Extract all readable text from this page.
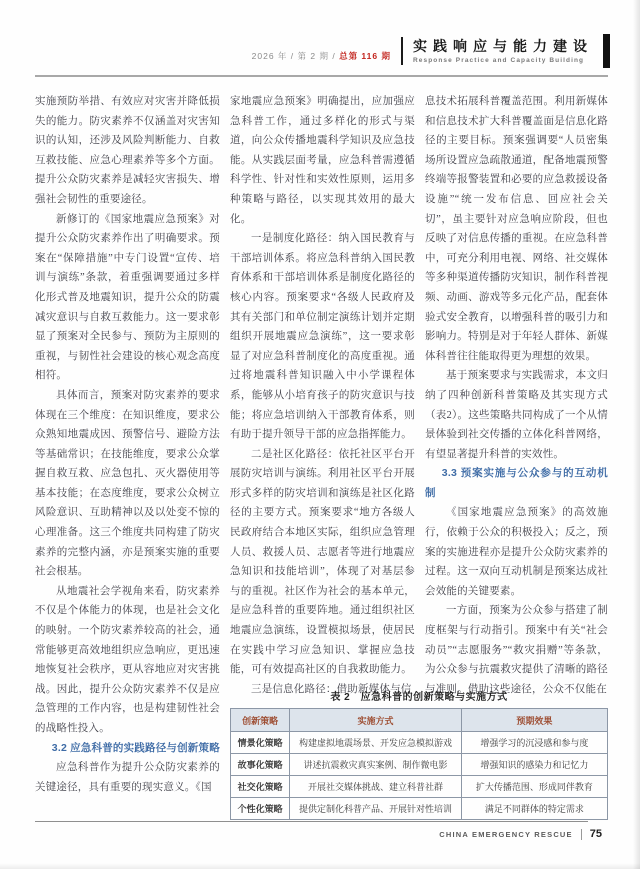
2026 年 / 第 2 期 / 总第 116 期
实践响应与能力建设
Response Practice and Capacity Building

实施预防举措、有效应对灾害并降低损失的能力。防灾素养不仅涵盖对灾害知识的认知，还涉及风险判断能力、自救互救技能、应急心理素养等多个方面。提升公众防灾素养是减轻灾害损失、增强社会韧性的重要途径。

新修订的《国家地震应急预案》对提升公众防灾素养作出了明确要求。预案在“保障措施”中专门设置“宣传、培训与演练”条款，着重强调要通过多样化形式普及地震知识，提升公众的防震减灾意识与自救互救能力。这一要求彰显了预案对全民参与、预防为主原则的重视，与韧性社会建设的核心观念高度相符。

具体而言，预案对防灾素养的要求体现在三个维度：在知识维度，要求公众熟知地震成因、预警信号、避险方法等基础常识；在技能维度，要求公众掌握自救互救、应急包扎、灭火器使用等基本技能；在态度维度，要求公众树立风险意识、互助精神以及以处变不惊的心理准备。这三个维度共同构建了防灾素养的完整内涵，亦是预案实施的重要社会根基。

从地震社会学视角来看，防灾素养不仅是个体能力的体现，也是社会文化的映射。一个防灾素养较高的社会，通常能够更高效地组织应急响应，更迅速地恢复社会秩序，更从容地应对灾害挑战。因此，提升公众防灾素养不仅是应急管理的工作内容，也是构建韧性社会的战略性投入。

3.2 应急科普的实践路径与创新策略

应急科普作为提升公众防灾素养的关键途径，具有重要的现实意义。《国

家地震应急预案》明确提出，应加强应急科普工作，通过多样化的形式与渠道，向公众传播地震科学知识及应急技能。从实践层面考量，应急科普需遵循科学性、针对性和实效性原则，运用多种策略与路径，以实现其效用的最大化。

一是制度化路径：纳入国民教育与干部培训体系。将应急科普纳入国民教育体系和干部培训体系是制度化路径的核心内容。预案要求“各级人民政府及其有关部门和单位制定演练计划并定期组织开展地震应急演练”，这一要求彰显了对应急科普制度化的高度重视。通过将地震科普知识融入中小学课程体系，能够从小培育孩子的防灾意识与技能；将应急培训纳入干部教育体系，则有助于提升领导干部的应急指挥能力。

二是社区化路径：依托社区平台开展防灾培训与演练。利用社区平台开展形式多样的防灾培训和演练是社区化路径的主要方式。预案要求“地方各级人民政府结合本地区实际，组织应急管理人员、救援人员、志愿者等进行地震应急知识和技能培训”，体现了对基层参与的重视。社区作为社会的基本单元，是应急科普的重要阵地。通过组织社区地震应急演练，设置模拟场景，使居民在实践中学习应急知识、掌握应急技能，可有效提高社区的自我救助能力。

三是信息化路径：借助新媒体与信

息技术拓展科普覆盖范围。利用新媒体和信息技术扩大科普覆盖面是信息化路径的主要目标。预案强调要“人员密集场所设置应急疏散通道，配备地震预警终端等报警装置和必要的应急救援设备设施”“统一发布信息、回应社会关切”，虽主要针对应急响应阶段，但也反映了对信息传播的重视。在应急科普中，可充分利用电视、网络、社交媒体等多种渠道传播防灾知识，制作科普视频、动画、游戏等多元化产品，配套体验式安全教育，以增强科普的吸引力和影响力。特别是对于年轻人群体、新媒体科普往往能取得更为理想的效果。

基于预案要求与实践需求，本文归纳了四种创新科普策略及其实现方式（表2）。这些策略共同构成了一个从情景体验到社交传播的立体化科普网络，有望显著提升科普的实效性。

3.3 预案实施与公众参与的互动机制

《国家地震应急预案》的高效施行，依赖于公众的积极投入；反之，预案的实施进程亦是提升公众防灾素养的过程。这一双向互动机制是预案达成社会效能的关键要素。

一方面，预案为公众参与搭建了制度框架与行动指引。预案中有关“社会动员”“志愿服务”“救灾捐赠”等条款，为公众参与抗震救灾提供了清晰的路径与准则。借助这些途径，公众不仅能在

表 2　应急科普的创新策略与实施方式
创新策略	实施方式	预期效果
情景化策略	构建虚拟地震场景、开发应急模拟游戏	增强学习的沉浸感和参与度
故事化策略	讲述抗震救灾真实案例、制作微电影	增强知识的感染力和记忆力
社交化策略	开展社交媒体挑战、建立科普社群	扩大传播范围、形成同伴教育
个性化策略	提供定制化科普产品、开展针对性培训	满足不同群体的特定需求
CHINA EMERGENCY RESCUE 75
